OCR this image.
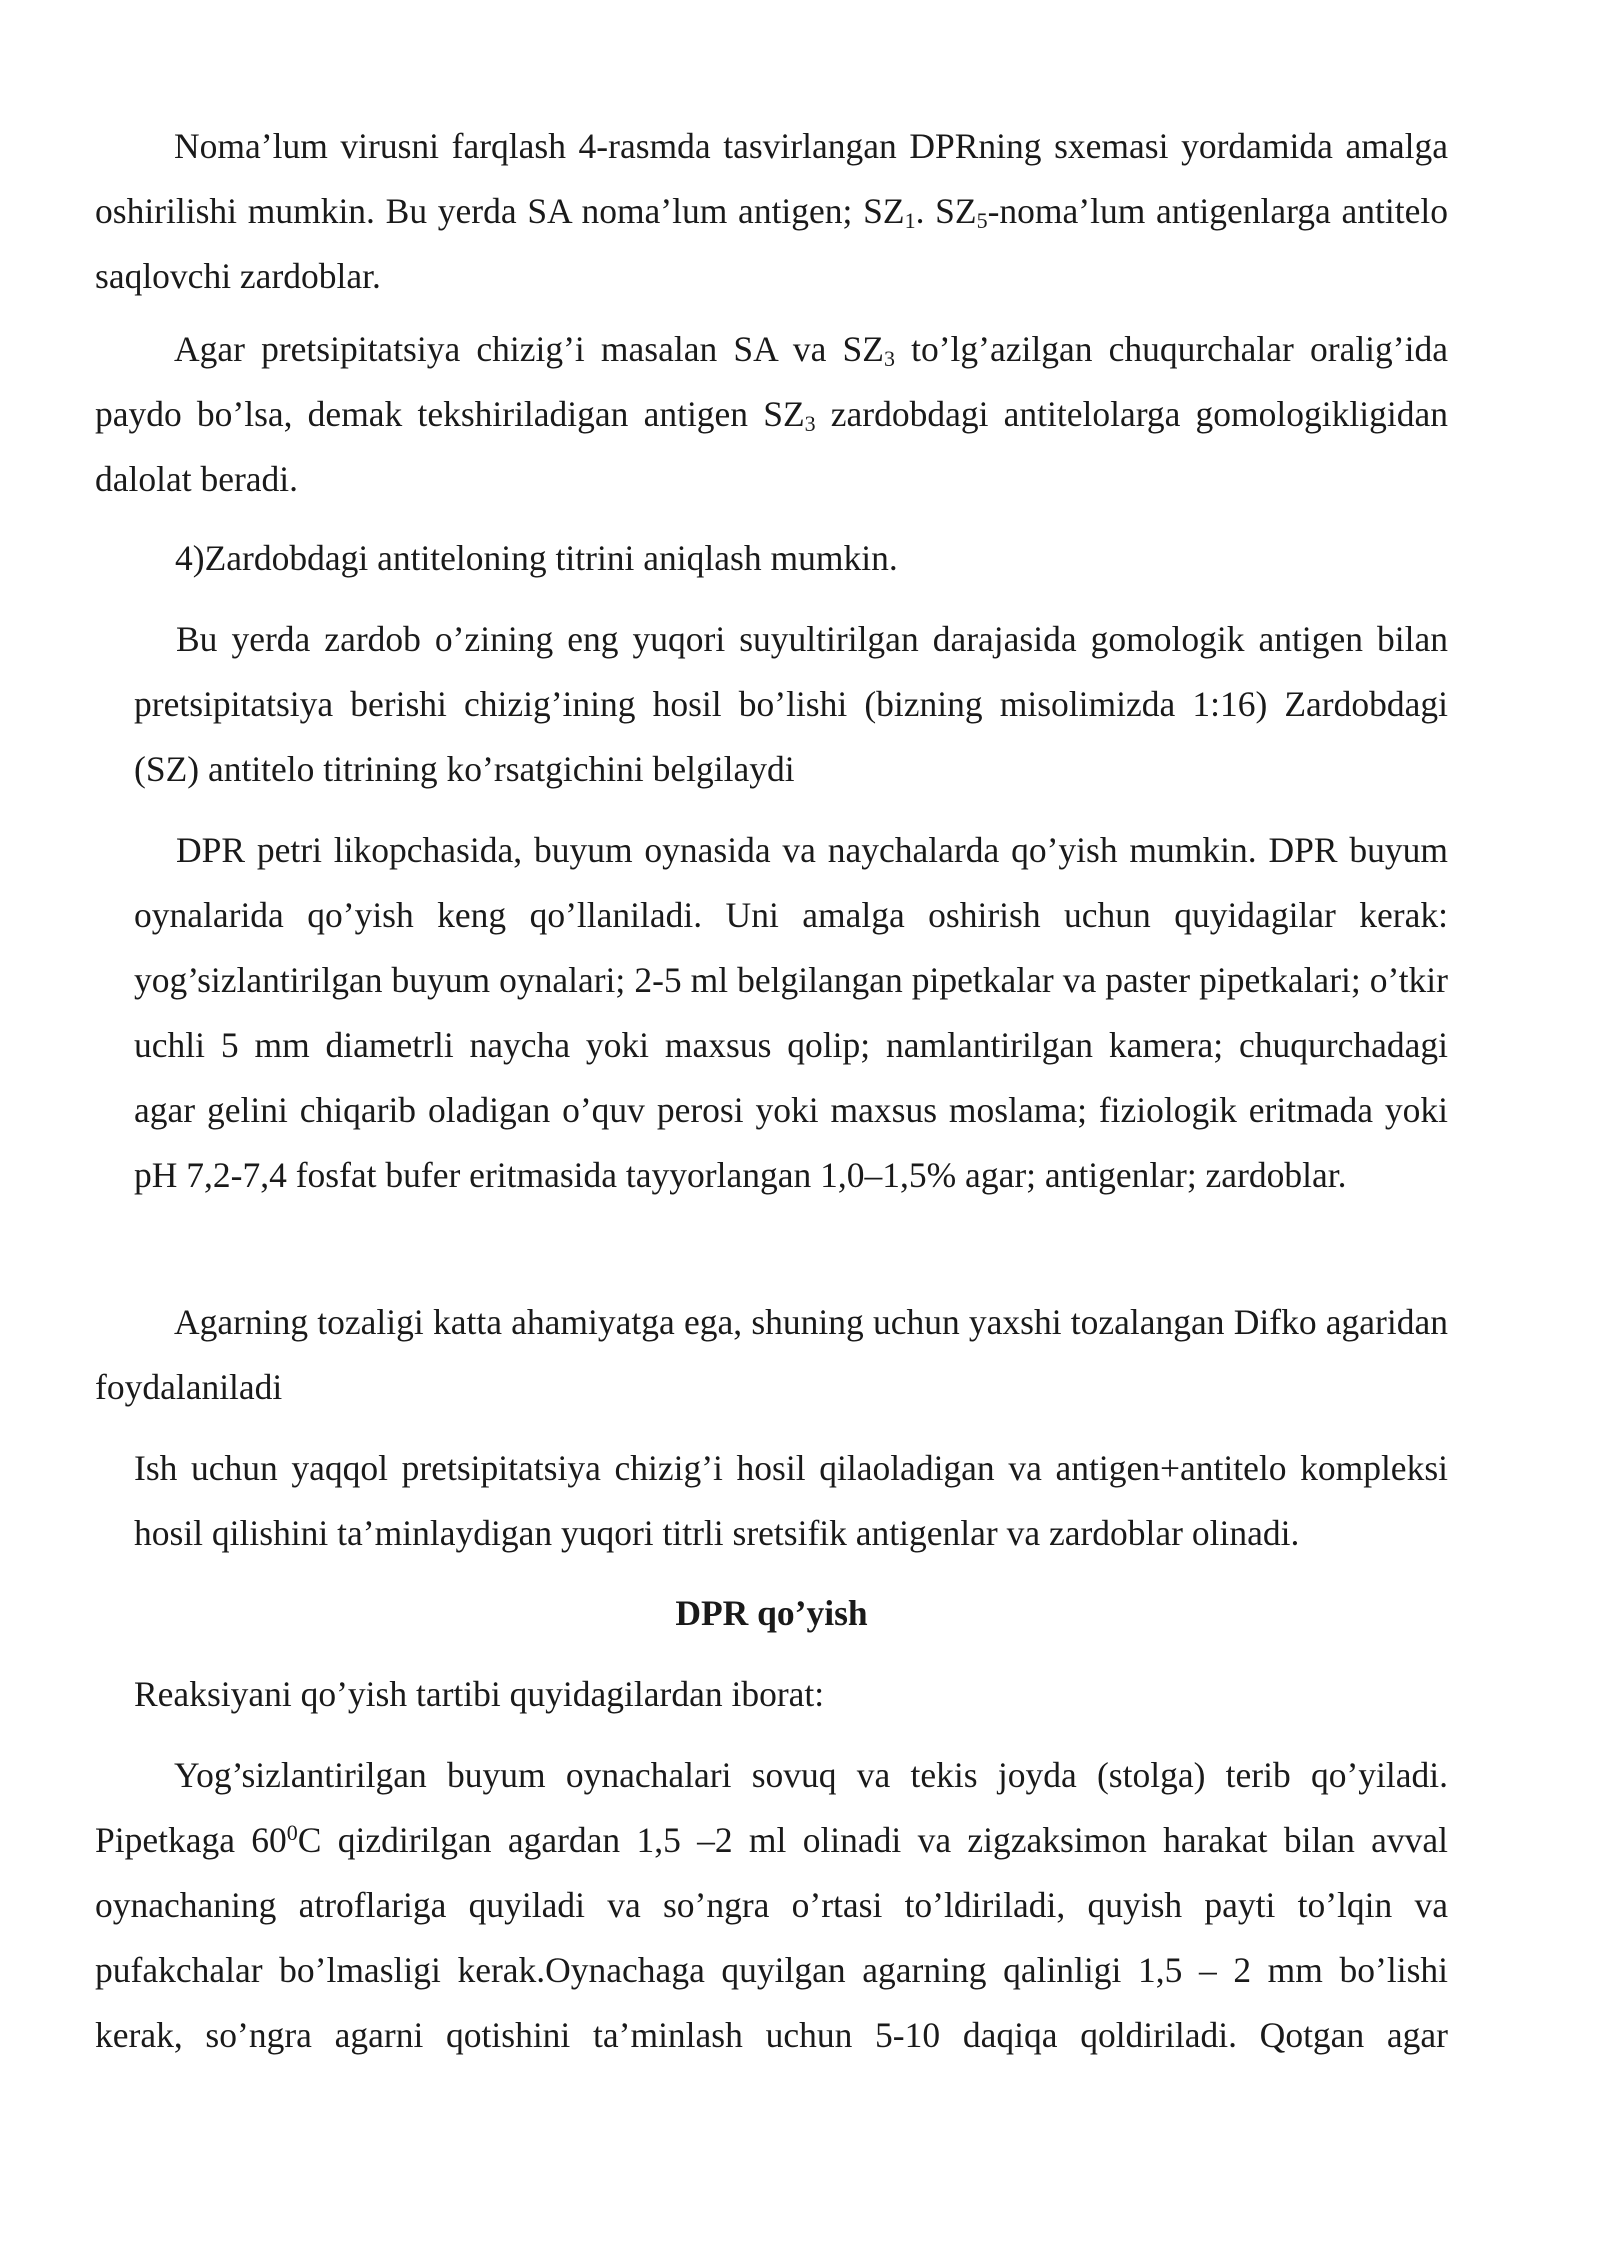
Noma’lum virusni farqlash 4-rasmda tasvirlangan DPRning sxemasi yordamida amalga oshirilishi mumkin. Bu yerda SA noma’lum antigen; $SZ_1$. $SZ_5-noma’lum$ antigenlarga antitelo saqlovchi zardoblar.

Agar pretsipitatsiya chizig’i masalan SA va $SZ_3$ to’lg’azilgan chuqurchalar oralig’ida paydo bo’lsa, demak tekshiriladigan antigen $SZ_3$ zardobdagi antitelolarga gomologikligidan dalolat beradi.

4)Zardobdagi antiteloning titrini aniqlash mumkin.

Bu yerda zardob o’zining eng yuqori suyultirilgan darajasida gomologik antigen bilan pretsipitatsiya berishi chizig’ining hosil bo’lishi (bizning misolimizda 1:16) Zardobdagi (SZ) antitelo titrining ko’rsatgichini belgilaydi

DPR petri likopchasida, buyum oynasida va naychalarda qo’yish mumkin. DPR buyum oynalarida qo’yish keng qo’llaniladi. Uni amalga oshirish uchun quyidagilar kerak: yog’sizlantirilgan buyum oynalari; 2-5 ml belgilangan pipetkalar va paster pipetkalari; o’tkir uchli 5 mm diametrli naycha yoki maxsus qolip; namlantirilgan kamera; chuqurchadagi agar gelini chiqarib oladigan o’quv perosi yoki maxsus moslama; fiziologik eritmada yoki pH 7,2-7,4 fosfat bufer eritmasida tayyorlangan 1,0–1,5% agar; antigenlar; zardoblar.

Agarning tozaligi katta ahamiyatga ega, shuning uchun yaxshi tozalangan Difko agaridan foydalaniladi

Ish uchun yaqqol pretsipitatsiya chizig’i hosil qilaoladigan va antigen+antitelo kompleksi hosil qilishini ta’minlaydigan yuqori titrli sretsifik antigenlar va zardoblar olinadi.

DPR qo’yish

Reaksiyani qo’yish tartibi quyidagilardan iborat:

Yog’sizlantirilgan buyum oynachalari sovuq va tekis joyda (stolga) terib qo’yiladi. Pipetkaga $60^0C$ qizdirilgan agardan 1,5 –2 ml olinadi va zigzaksimon harakat bilan avval oynachaning atroflariga quyiladi va so’ngra o’rtasi to’ldiriladi, quyish payti to’lqin va pufakchalar bo’lmasligi kerak.Oynachaga quyilgan agarning qalinligi 1,5 – 2 mm bo’lishi kerak, so’ngra agarni qotishini ta’minlash uchun 5-10 daqiqa qoldiriladi. Qotgan agar
